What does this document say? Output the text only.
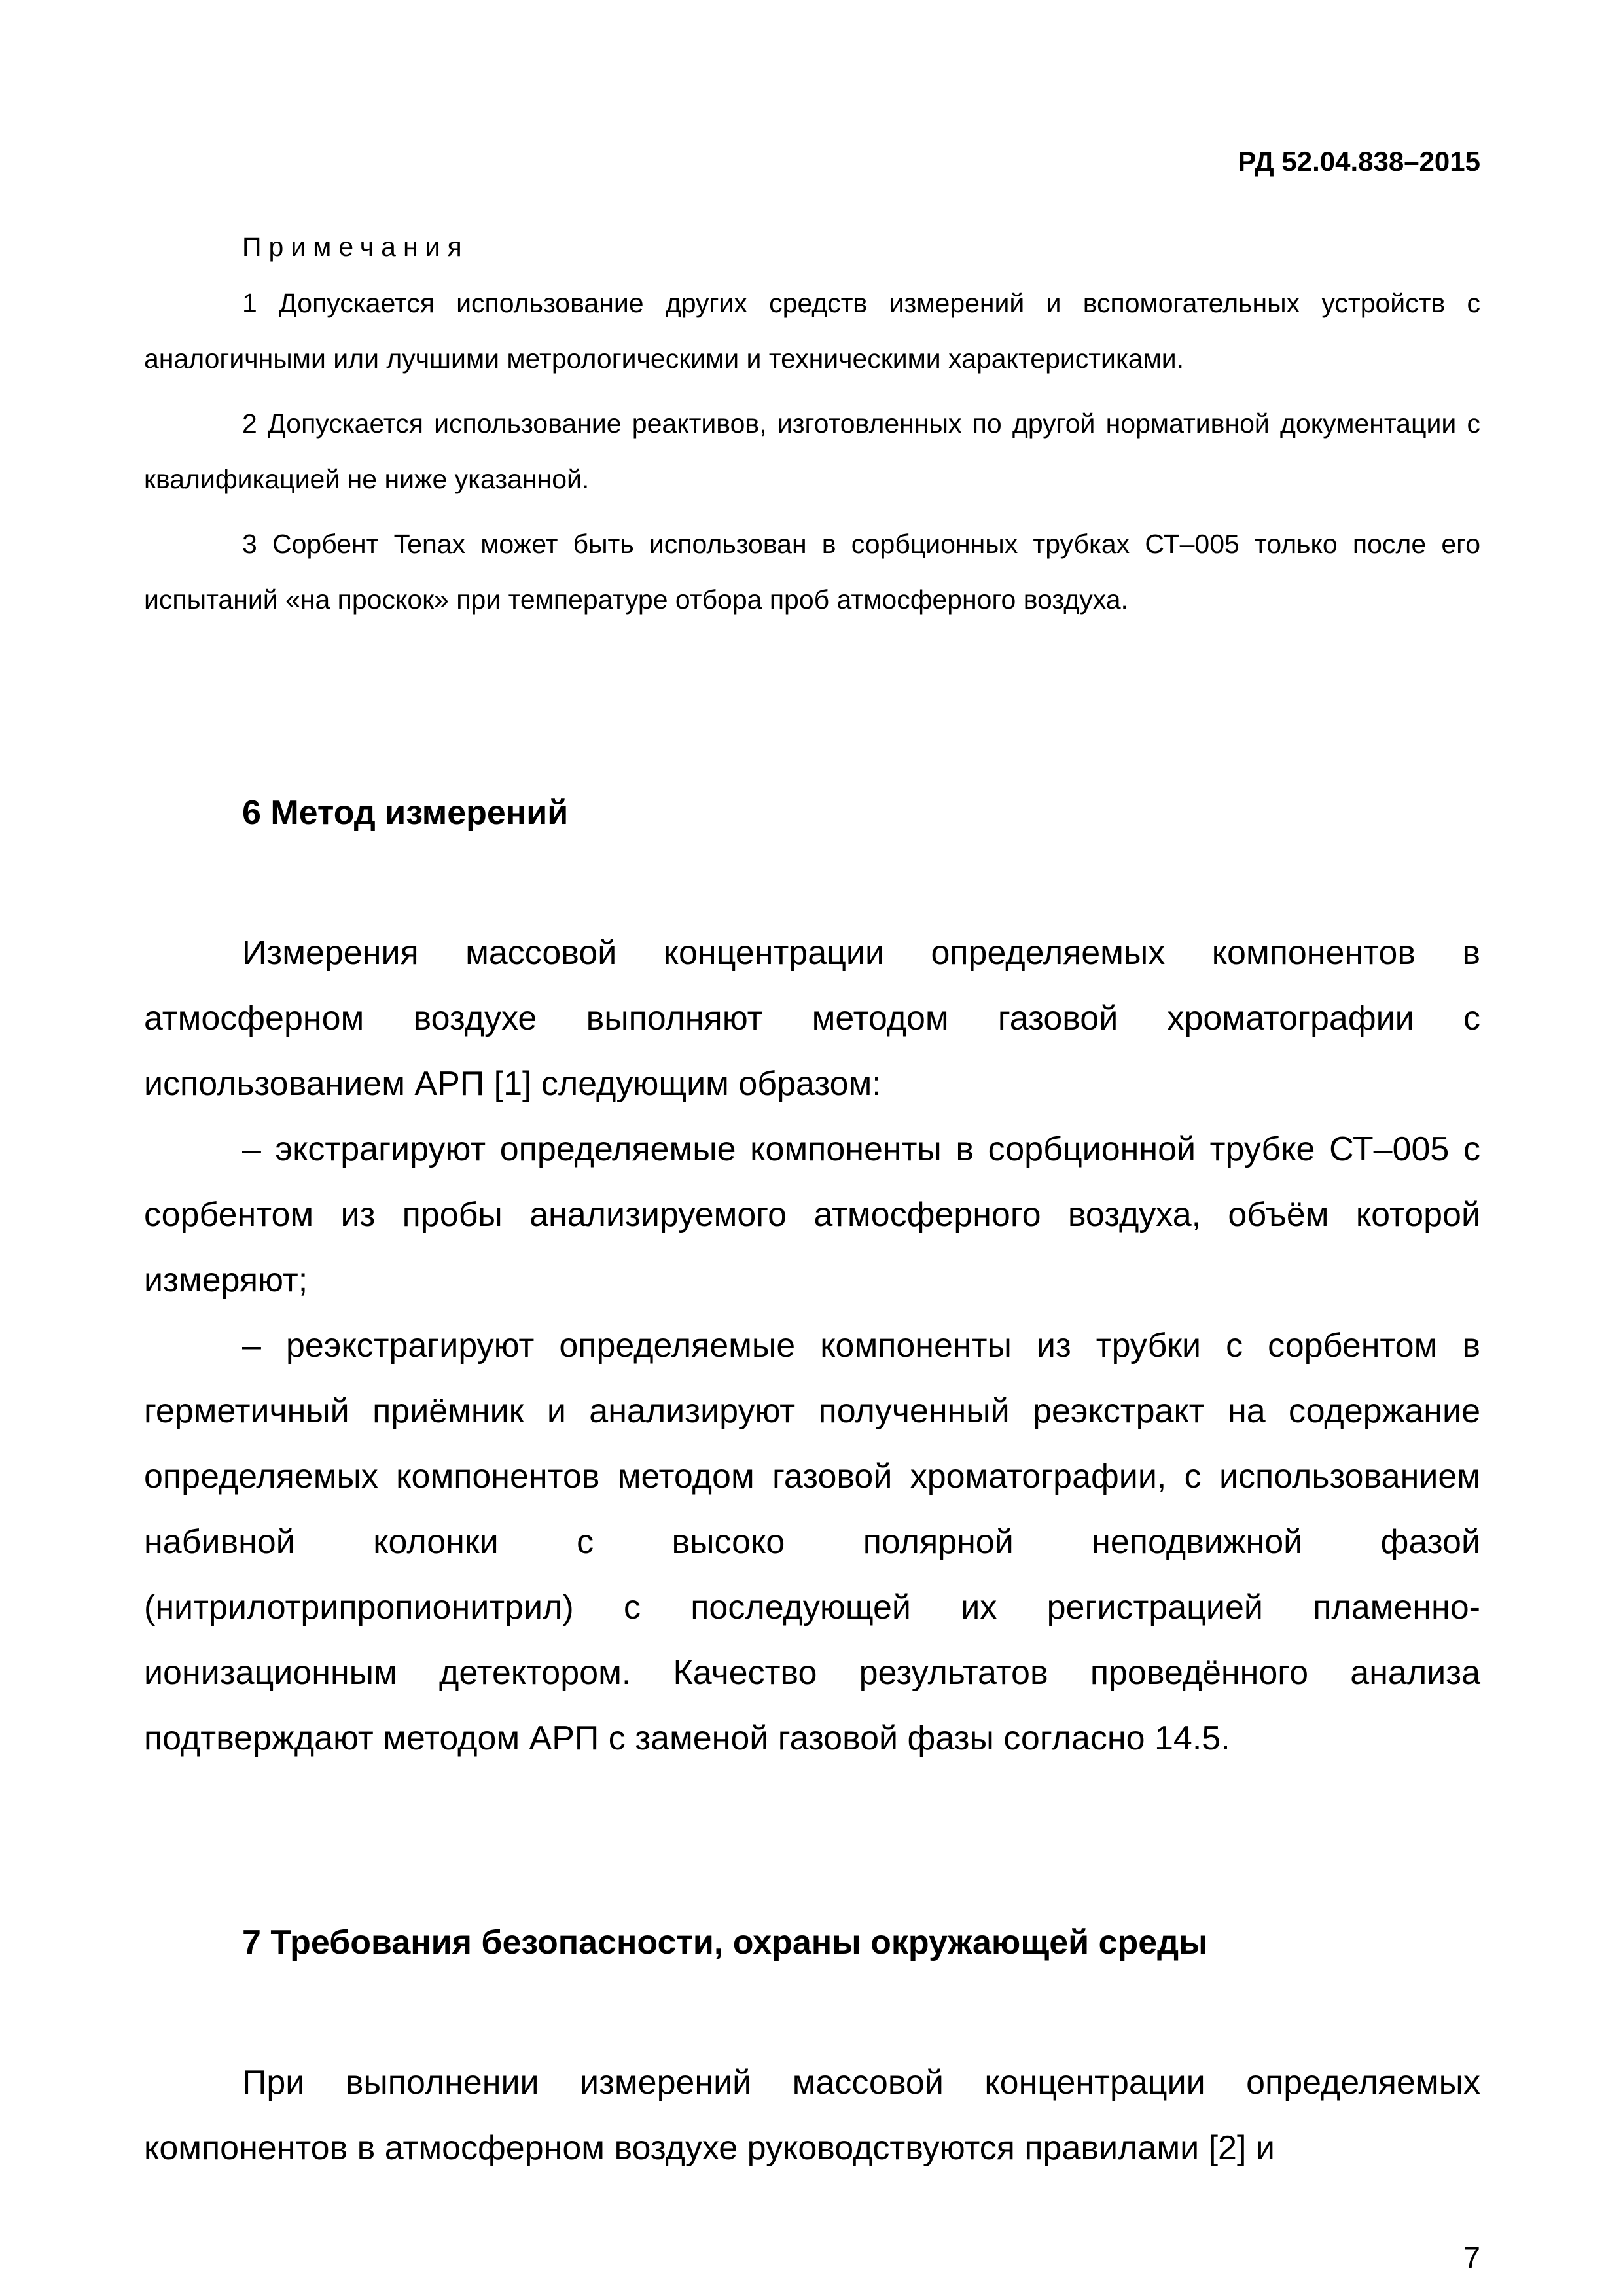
РД 52.04.838–2015

Примечания

1 Допускается использование других средств измерений и вспомогательных устройств с аналогичными или лучшими метрологическими и техническими характеристиками.

2 Допускается использование реактивов, изготовленных по другой нормативной документации с квалификацией не ниже указанной.

3 Сорбент Tenax может быть использован в сорбционных трубках СТ–005 только после его испытаний «на проскок» при температуре отбора проб атмосферного воздуха.

6 Метод измерений

Измерения массовой концентрации определяемых компонентов в атмосферном воздухе выполняют методом газовой хроматографии с использованием АРП [1] следующим образом:

– экстрагируют определяемые компоненты в сорбционной трубке СТ–005 с сорбентом из пробы анализируемого атмосферного воздуха, объём которой измеряют;

– реэкстрагируют определяемые компоненты из трубки с сорбентом в герметичный приёмник и анализируют полученный реэкстракт на содержание определяемых компонентов методом газовой хроматографии, с использованием набивной колонки с высоко полярной неподвижной фазой (нитрилотрипропионитрил) с последующей их регистрацией пламенно-ионизационным детектором. Качество результатов проведённого анализа подтверждают методом АРП с заменой газовой фазы согласно 14.5.

7 Требования безопасности, охраны окружающей среды

При выполнении измерений массовой концентрации определяемых компонентов в атмосферном воздухе руководствуются правилами [2] и

7
